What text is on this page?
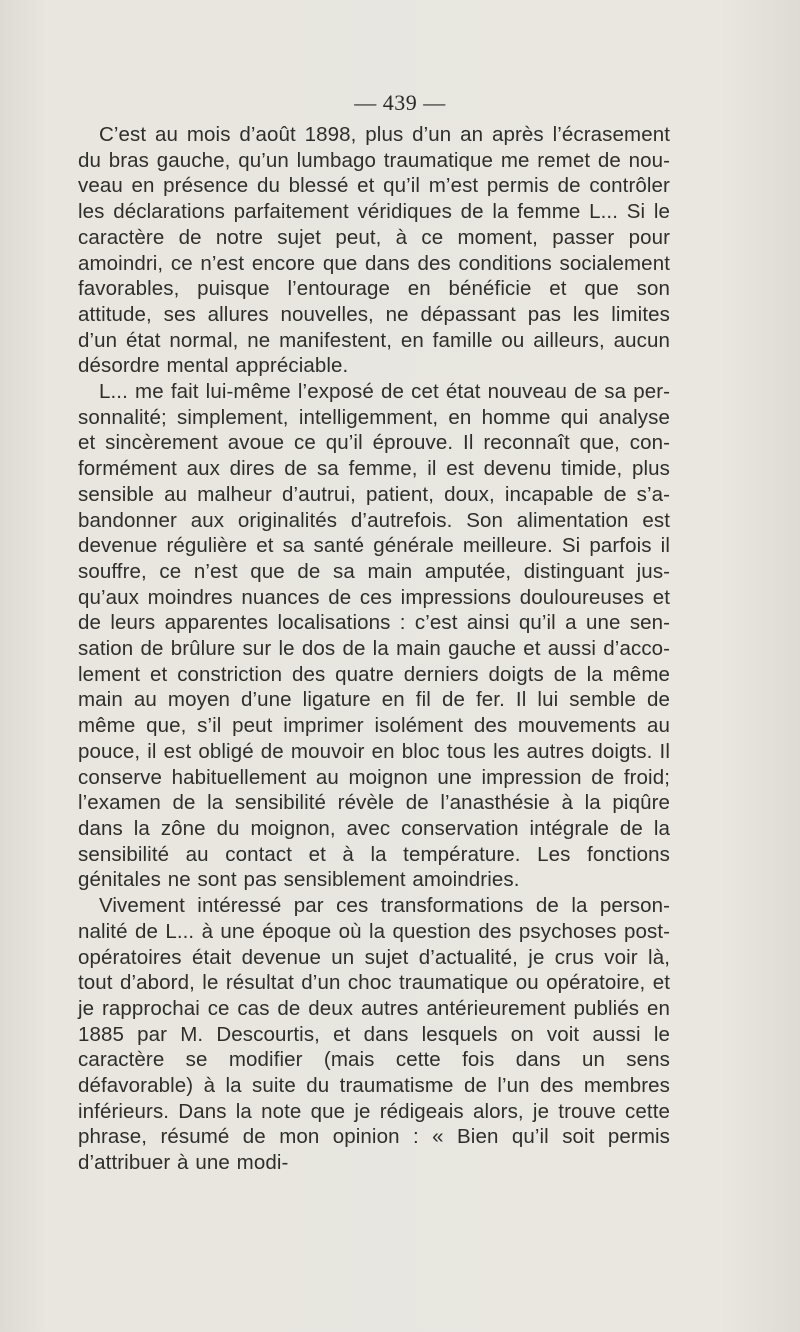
— 439 —

C’est au mois d’août 1898, plus d’un an après l’écrasement du bras gauche, qu’un lumbago traumatique me remet de nouveau en présence du blessé et qu’il m’est permis de contrôler les déclarations parfaitement véridiques de la femme L... Si le caractère de notre sujet peut, à ce moment, passer pour amoindri, ce n’est encore que dans des conditions socialement favorables, puisque l’entourage en bénéficie et que son attitude, ses allures nouvelles, ne dépassant pas les limites d’un état normal, ne manifestent, en famille ou ailleurs, aucun désordre mental appréciable.

L... me fait lui-même l’exposé de cet état nouveau de sa personnalité; simplement, intelligemment, en homme qui analyse et sincèrement avoue ce qu’il éprouve. Il reconnaît que, conformément aux dires de sa femme, il est devenu timide, plus sensible au malheur d’autrui, patient, doux, incapable de s’abandonner aux originalités d’autrefois. Son alimentation est devenue régulière et sa santé générale meilleure. Si parfois il souffre, ce n’est que de sa main amputée, distinguant jusqu’aux moindres nuances de ces impressions douloureuses et de leurs apparentes localisations : c’est ainsi qu’il a une sensation de brûlure sur le dos de la main gauche et aussi d’accolement et constriction des quatre derniers doigts de la même main au moyen d’une ligature en fil de fer. Il lui semble de même que, s’il peut imprimer isolément des mouvements au pouce, il est obligé de mouvoir en bloc tous les autres doigts. Il conserve habituellement au moignon une impression de froid; l’examen de la sensibilité révèle de l’anasthésie à la piqûre dans la zône du moignon, avec conservation intégrale de la sensibilité au contact et à la température. Les fonctions génitales ne sont pas sensiblement amoindries.

Vivement intéressé par ces transformations de la personnalité de L... à une époque où la question des psychoses postopératoires était devenue un sujet d’actualité, je crus voir là, tout d’abord, le résultat d’un choc traumatique ou opératoire, et je rapprochai ce cas de deux autres antérieurement publiés en 1885 par M. Descourtis, et dans lesquels on voit aussi le caractère se modifier (mais cette fois dans un sens défavorable) à la suite du traumatisme de l’un des membres inférieurs. Dans la note que je rédigeais alors, je trouve cette phrase, résumé de mon opinion : « Bien qu’il soit permis d’attribuer à une modi-
